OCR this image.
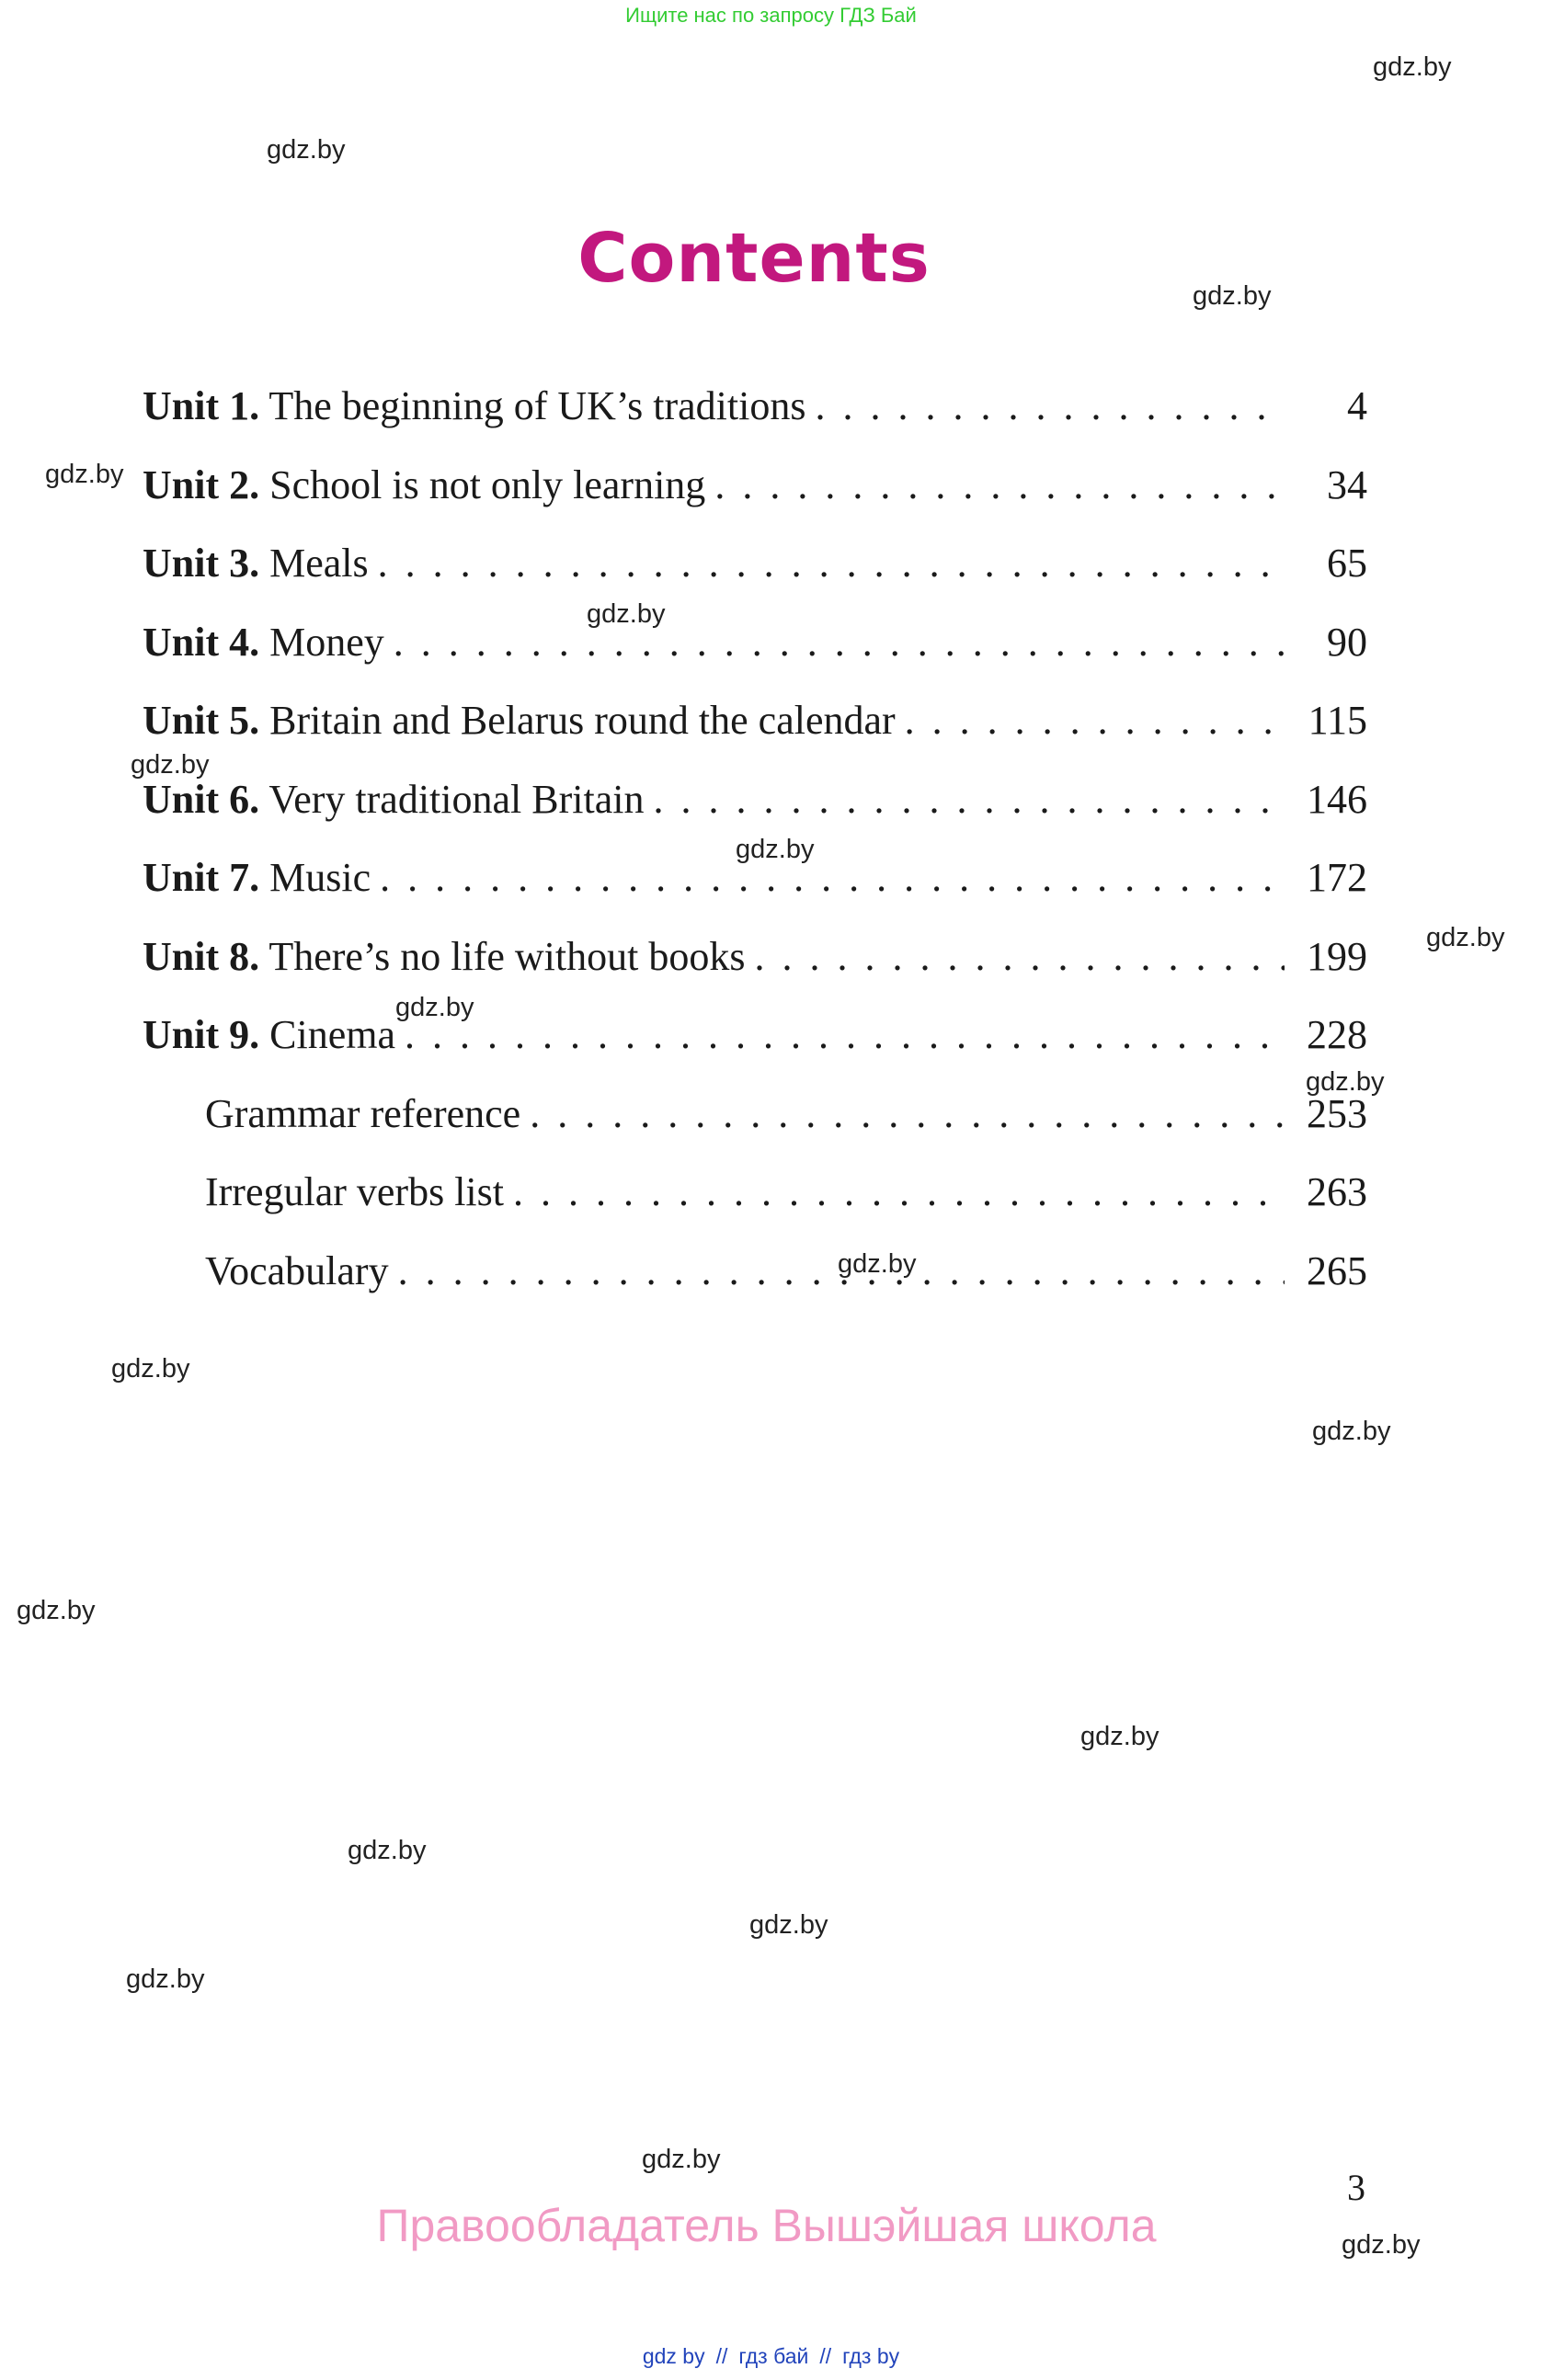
Ищите нас по запросу ГДЗ Бай
Contents
Unit 1. The beginning of UK’s traditions . . .	4
Unit 2. School is not only learning . . .	34
Unit 3. Meals . . .	65
Unit 4. Money . . .	90
Unit 5. Britain and Belarus round the calendar . . .	115
Unit 6. Very traditional Britain . . .	146
Unit 7. Music . . .	172
Unit 8. There’s no life without books . . .	199
Unit 9. Cinema . . .	228
Grammar reference . . .	253
Irregular verbs list . . .	263
Vocabulary . . .	265
gdz.by
gdz.by
gdz.by
gdz.by
gdz.by
gdz.by
gdz.by
gdz.by
gdz.by
gdz.by
gdz.by
gdz.by
gdz.by
gdz.by
gdz.by
gdz.by
gdz.by
gdz.by
gdz.by
gdz.by
3
Правообладатель Вышэйшая школа
gdz by // гдз бай // гдз by
